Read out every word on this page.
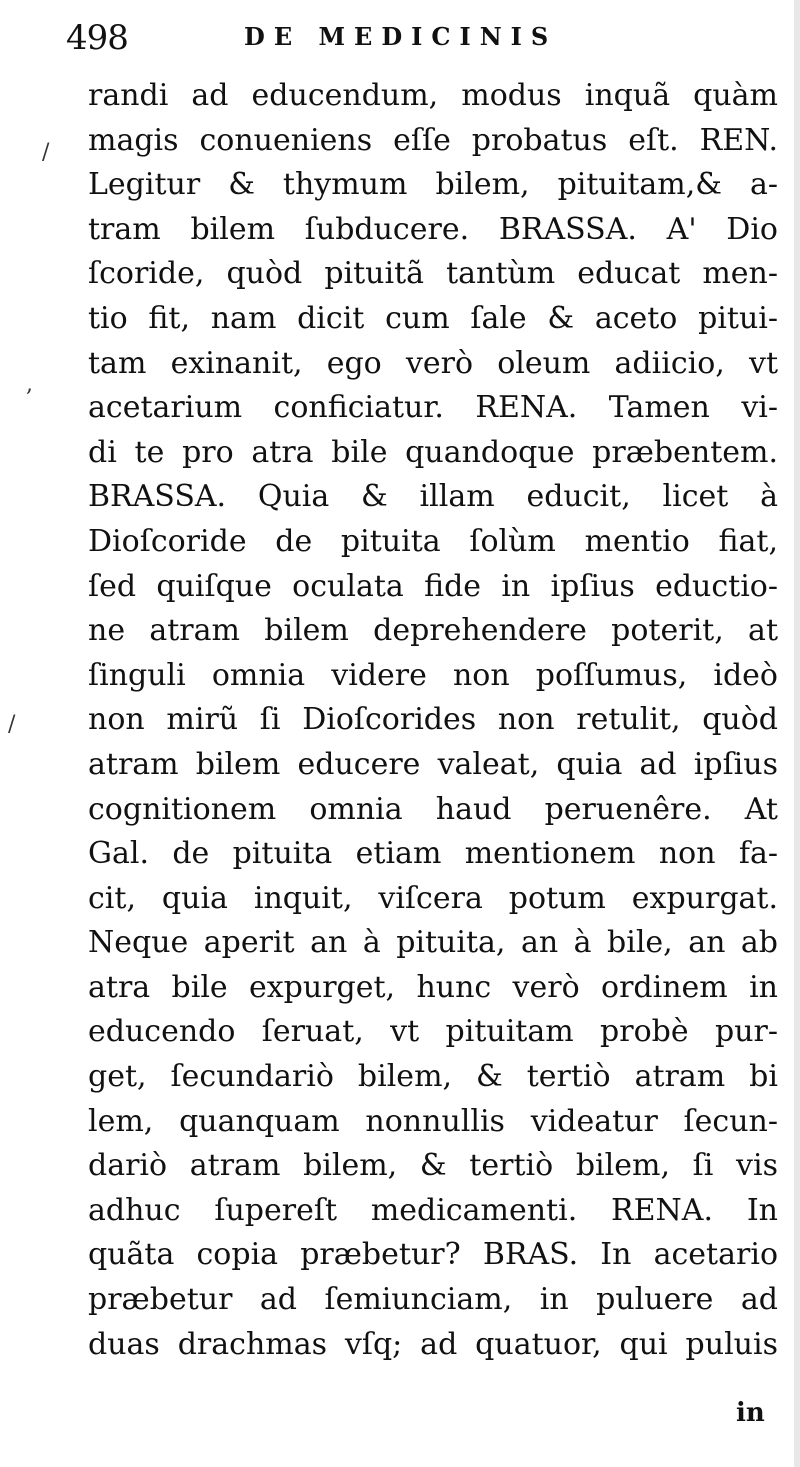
498	DE MEDICINIS
/
,
/
randi ad educendum, modus inquã quàm
magis conueniens eſſe probatus eſt. REN.
Legitur & thymum bilem, pituitam,& a-
tram bilem ſubducere. BRASSA. A' Dio
ſcoride, quòd pituitã tantùm educat men-
tio fit, nam dicit cum ſale & aceto pitui-
tam exinanit, ego verò oleum adiicio, vt
acetarium conficiatur. RENA. Tamen vi-
di te pro atra bile quandoque præbentem.
BRASSA. Quia & illam educit, licet à
Dioſcoride de pituita ſolùm mentio fiat,
ſed quiſque oculata fide in ipſius eductio-
ne atram bilem deprehendere poterit, at
ſinguli omnia videre non poſſumus, ideò
non mirũ ſi Dioſcorides non retulit, quòd
atram bilem educere valeat, quia ad ipſius
cognitionem omnia haud peruenêre. At
Gal. de pituita etiam mentionem non fa-
cit, quia inquit, viſcera potum expurgat.
Neque aperit an à pituita, an à bile, an ab
atra bile expurget, hunc verò ordinem in
educendo ſeruat, vt pituitam probè pur-
get, ſecundariò bilem, & tertiò atram bi
lem, quanquam nonnullis videatur ſecun-
dariò atram bilem, & tertiò bilem, ſi vis
adhuc ſupereſt medicamenti. RENA. In
quãta copia præbetur? BRAS. In acetario
præbetur ad ſemiunciam, in puluere ad
duas drachmas vſq; ad quatuor, qui puluis
in
